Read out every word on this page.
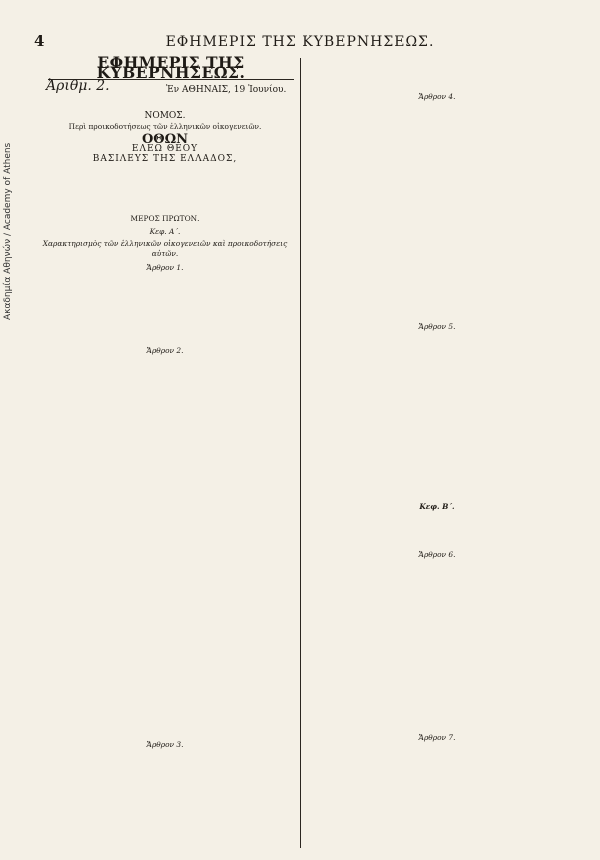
Ακαδημία Αθηνών / Academy of Athens
4	ΕΦΗΜΕΡΙΣ ΤΗΣ ΚΥΒΕΡΝΗΣΕΩΣ.
ΕΦΗΜΕΡΙΣ ΤΗΣ ΚΥΒΕΡΝΗΣΕΩΣ.
Ἀριθμ. 2.	Ἐν ΑΘΗΝΑΙΣ, 19 Ἰουνίου.
ΝΟΜΟΣ.
Περὶ προικοδοτήσεως τῶν ἑλληνικῶν οἰκογενειῶν.
ΟΘΩΝ
ΕΛΕΩ ΘΕΟΥ
ΒΑΣΙΛΕΥΣ ΤΗΣ ΕΛΛΑΔΟΣ,
ΜΕΡΟΣ ΠΡΩΤΟΝ.
Κεφ. Α΄.
Χαρακτηρισμὸς τῶν ἑλληνικῶν οἰκογενειῶν καὶ προικοδοτήσεις αὐτῶν.
Ἄρθρον 1.
Ἄρθρον 2.
Ἄρθρον 3.
Ἄρθρον 4.
Ἄρθρον 5.
Κεφ. Β΄.
Ἄρθρον 6.
Ἄρθρον 7.
